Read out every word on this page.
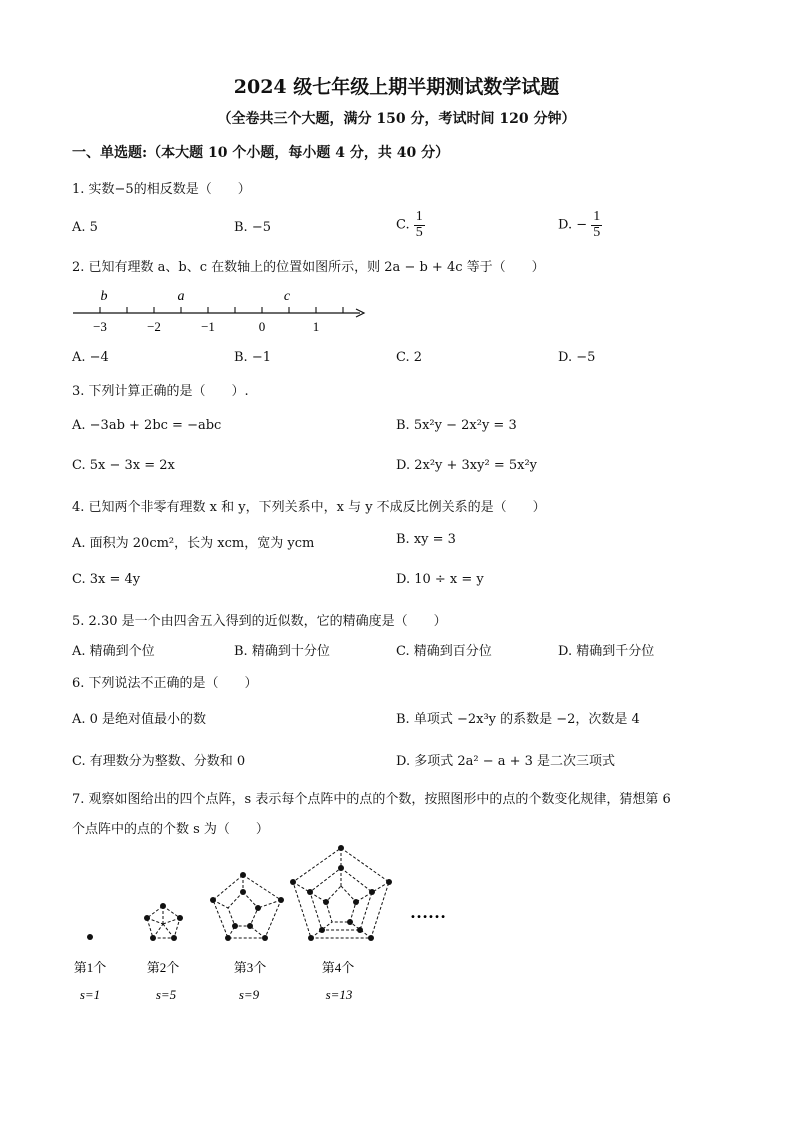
2024 级七年级上期半期测试数学试题
（全卷共三个大题，满分 150 分，考试时间 120 分钟）
一、单选题:（本大题 10 个小题，每小题 4 分，共 40 分）
1. 实数−5的相反数是（　　）
A. 5	B. −5	C. $\frac{1}{5}$	D. − $\frac{1}{5}$
2. 已知有理数 a、b、c 在数轴上的位置如图所示，则 2a − b + 4c 等于（　　）
−3	−2	−1	0	1
b	a	c
A. −4	B. −1	C. 2	D. −5
3. 下列计算正确的是（　　）.
A. −3ab + 2bc = −abc	B. 5x²y − 2x²y = 3
C. 5x − 3x = 2x	D. 2x²y + 3xy² = 5x²y
4. 已知两个非零有理数 x 和 y，下列关系中，x 与 y 不成反比例关系的是（　　）
A. 面积为 20cm²，长为 xcm，宽为 ycm	B. xy = 3
C. 3x = 4y	D. 10 ÷ x = y
5. 2.30 是一个由四舍五入得到的近似数，它的精确度是（　　）
A. 精确到个位	B. 精确到十分位	C. 精确到百分位	D. 精确到千分位
6. 下列说法不正确的是（　　）
A. 0 是绝对值最小的数	B. 单项式 −2x³y 的系数是 −2，次数是 4
C. 有理数分为整数、分数和 0	D. 多项式 2a² − a + 3 是二次三项式
7. 观察如图给出的四个点阵，s 表示每个点阵中的点的个数，按照图形中的点的个数变化规律，猜想第 6
个点阵中的点的个数 s 为（　　）
……
第1个	第2个	第3个	第4个
s=1	s=5	s=9	s=13
